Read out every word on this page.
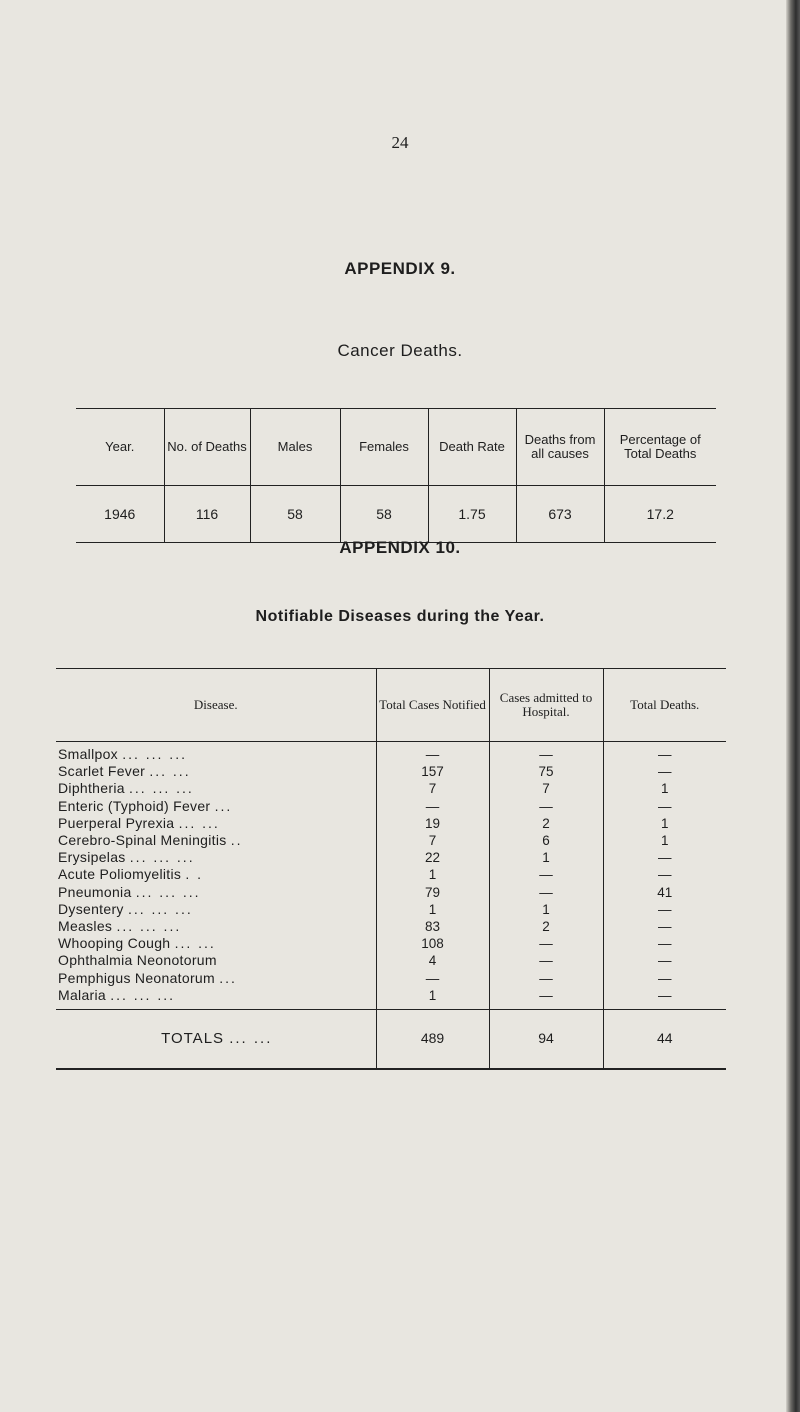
24
APPENDIX 9.
Cancer Deaths.
Year.	No. of Deaths	Males	Females	Death Rate	Deaths from all causes	Percentage of Total Deaths
1946	116	58	58	1.75	673	17.2
APPENDIX 10.
Notifiable Diseases during the Year.
Disease.	Total Cases Notified	Cases admitted to Hospital.	Total Deaths.
Smallpox ... ... ...	—	—	—
Scarlet Fever ... ...	157	75	—
Diphtheria ... ... ...	7	7	1
Enteric (Typhoid) Fever ...	—	—	—
Puerperal Pyrexia ... ...	19	2	1
Cerebro-Spinal Meningitis ..	7	6	1
Erysipelas ... ... ...	22	1	—
Acute Poliomyelitis . .	1	—	—
Pneumonia ... ... ...	79	—	41
Dysentery ... ... ...	1	1	—
Measles ... ... ...	83	2	—
Whooping Cough ... ...	108	—	—
Ophthalmia Neonotorum	4	—	—
Pemphigus Neonatorum ...	—	—	—
Malaria ... ... ...	1	—	—
TOTALS ... ...	489	94	44
